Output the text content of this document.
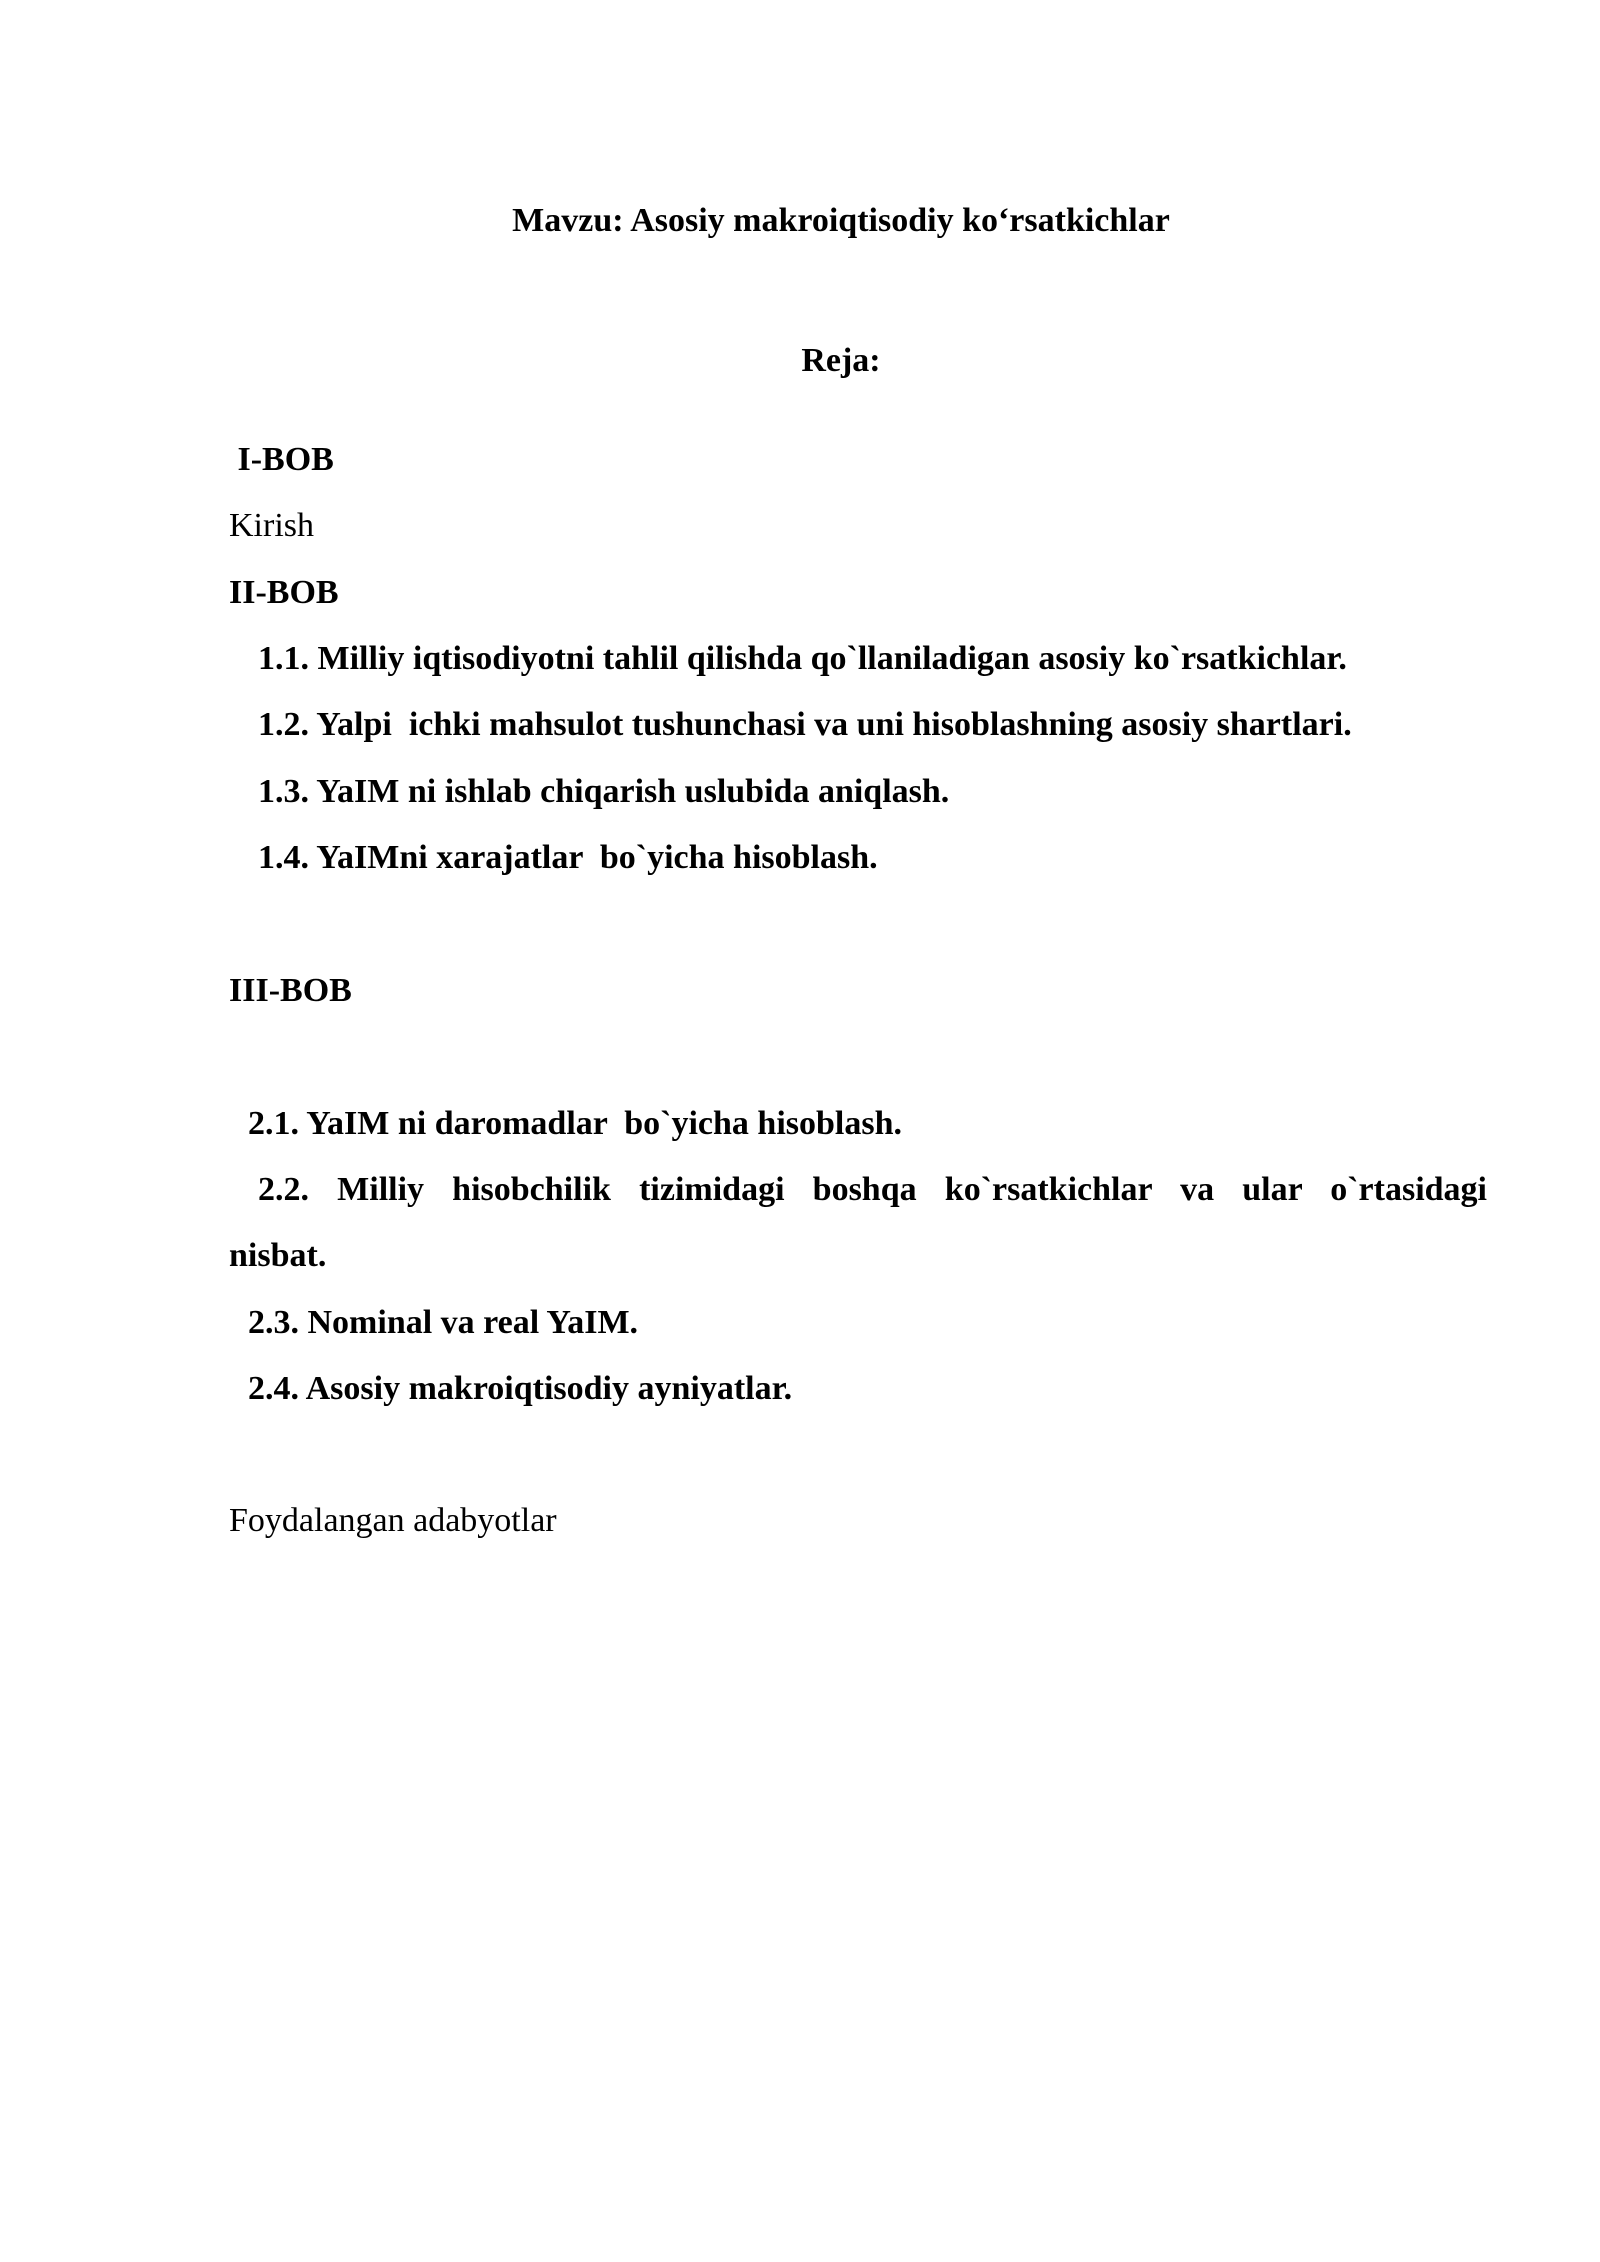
Mavzu: Asosiy makroiqtisodiy ko‘rsatkichlar

Reja:

I-BOB

Kirish

II-BOB

1.1. Milliy iqtisodiyotni tahlil qilishda qo`llaniladigan asosiy ko`rsatkichlar.

1.2. Yalpi  ichki mahsulot tushunchasi va uni hisoblashning asosiy shartlari.

1.3. YaIM ni ishlab chiqarish uslubida aniqlash.

1.4. YaIMni xarajatlar  bo`yicha hisoblash.

III-BOB

2.1. YaIM ni daromadlar  bo`yicha hisoblash.

2.2. Milliy hisobchilik tizimidagi boshqa ko`rsatkichlar va ular o`rtasidagi

nisbat.

2.3. Nominal va real YaIM.

2.4. Asosiy makroiqtisodiy ayniyatlar.

Foydalangan adabyotlar
